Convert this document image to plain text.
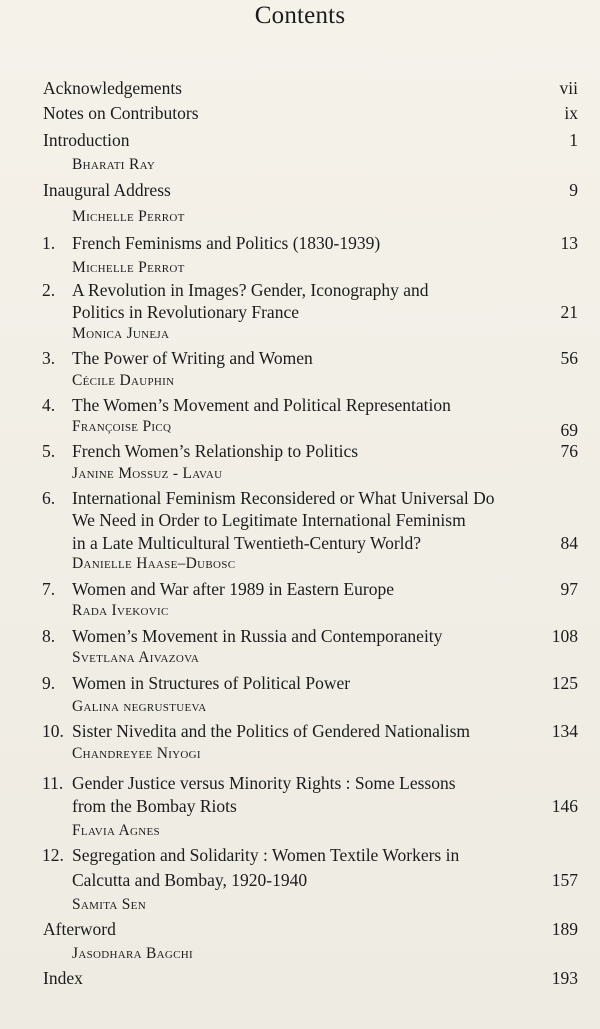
Contents
Acknowledgements	vii
Notes on Contributors	ix
Introduction	1
Bharati Ray
Inaugural Address	9
Michelle Perrot
1. French Feminisms and Politics (1830-1939)	13
Michelle Perrot
2. A Revolution in Images? Gender, Iconography and
Politics in Revolutionary France	21
Monica Juneja
3. The Power of Writing and Women	56
Cécile Dauphin
4. The Women’s Movement and Political Representation
Françoise Picq	69
5. French Women’s Relationship to Politics	76
Janine Mossuz - Lavau
6. International Feminism Reconsidered or What Universal Do
We Need in Order to Legitimate International Feminism
in a Late Multicultural Twentieth-Century World?	84
Danielle Haase–Dubosc
7. Women and War after 1989 in Eastern Europe	97
Rada Ivekovic
8. Women’s Movement in Russia and Contemporaneity	108
Svetlana Aivazova
9. Women in Structures of Political Power	125
Galina negrustueva
10. Sister Nivedita and the Politics of Gendered Nationalism	134
Chandreyee Niyogi
11. Gender Justice versus Minority Rights : Some Lessons
from the Bombay Riots	146
Flavia Agnes
12. Segregation and Solidarity : Women Textile Workers in
Calcutta and Bombay, 1920-1940	157
Samita Sen
Afterword	189
Jasodhara Bagchi
Index	193
